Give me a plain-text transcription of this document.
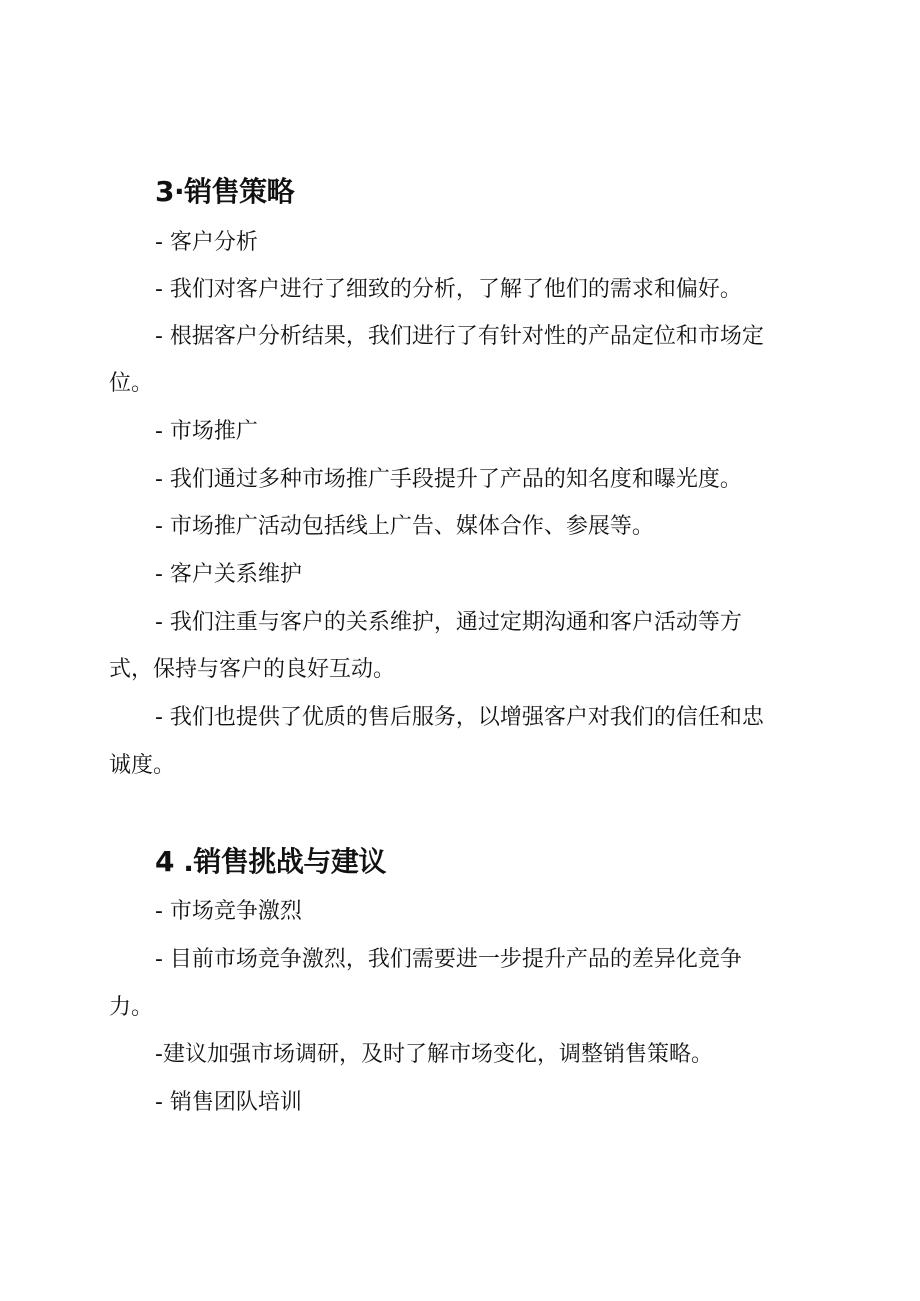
3·销售策略

- 客户分析

- 我们对客户进行了细致的分析，了解了他们的需求和偏好。

- 根据客户分析结果，我们进行了有针对性的产品定位和市场定

位。

- 市场推广

- 我们通过多种市场推广手段提升了产品的知名度和曝光度。

- 市场推广活动包括线上广告、媒体合作、参展等。

- 客户关系维护

- 我们注重与客户的关系维护，通过定期沟通和客户活动等方

式，保持与客户的良好互动。

- 我们也提供了优质的售后服务，以增强客户对我们的信任和忠

诚度。

4 .销售挑战与建议

- 市场竞争激烈

- 目前市场竞争激烈，我们需要进一步提升产品的差异化竞争

力。

-建议加强市场调研，及时了解市场变化，调整销售策略。

- 销售团队培训
